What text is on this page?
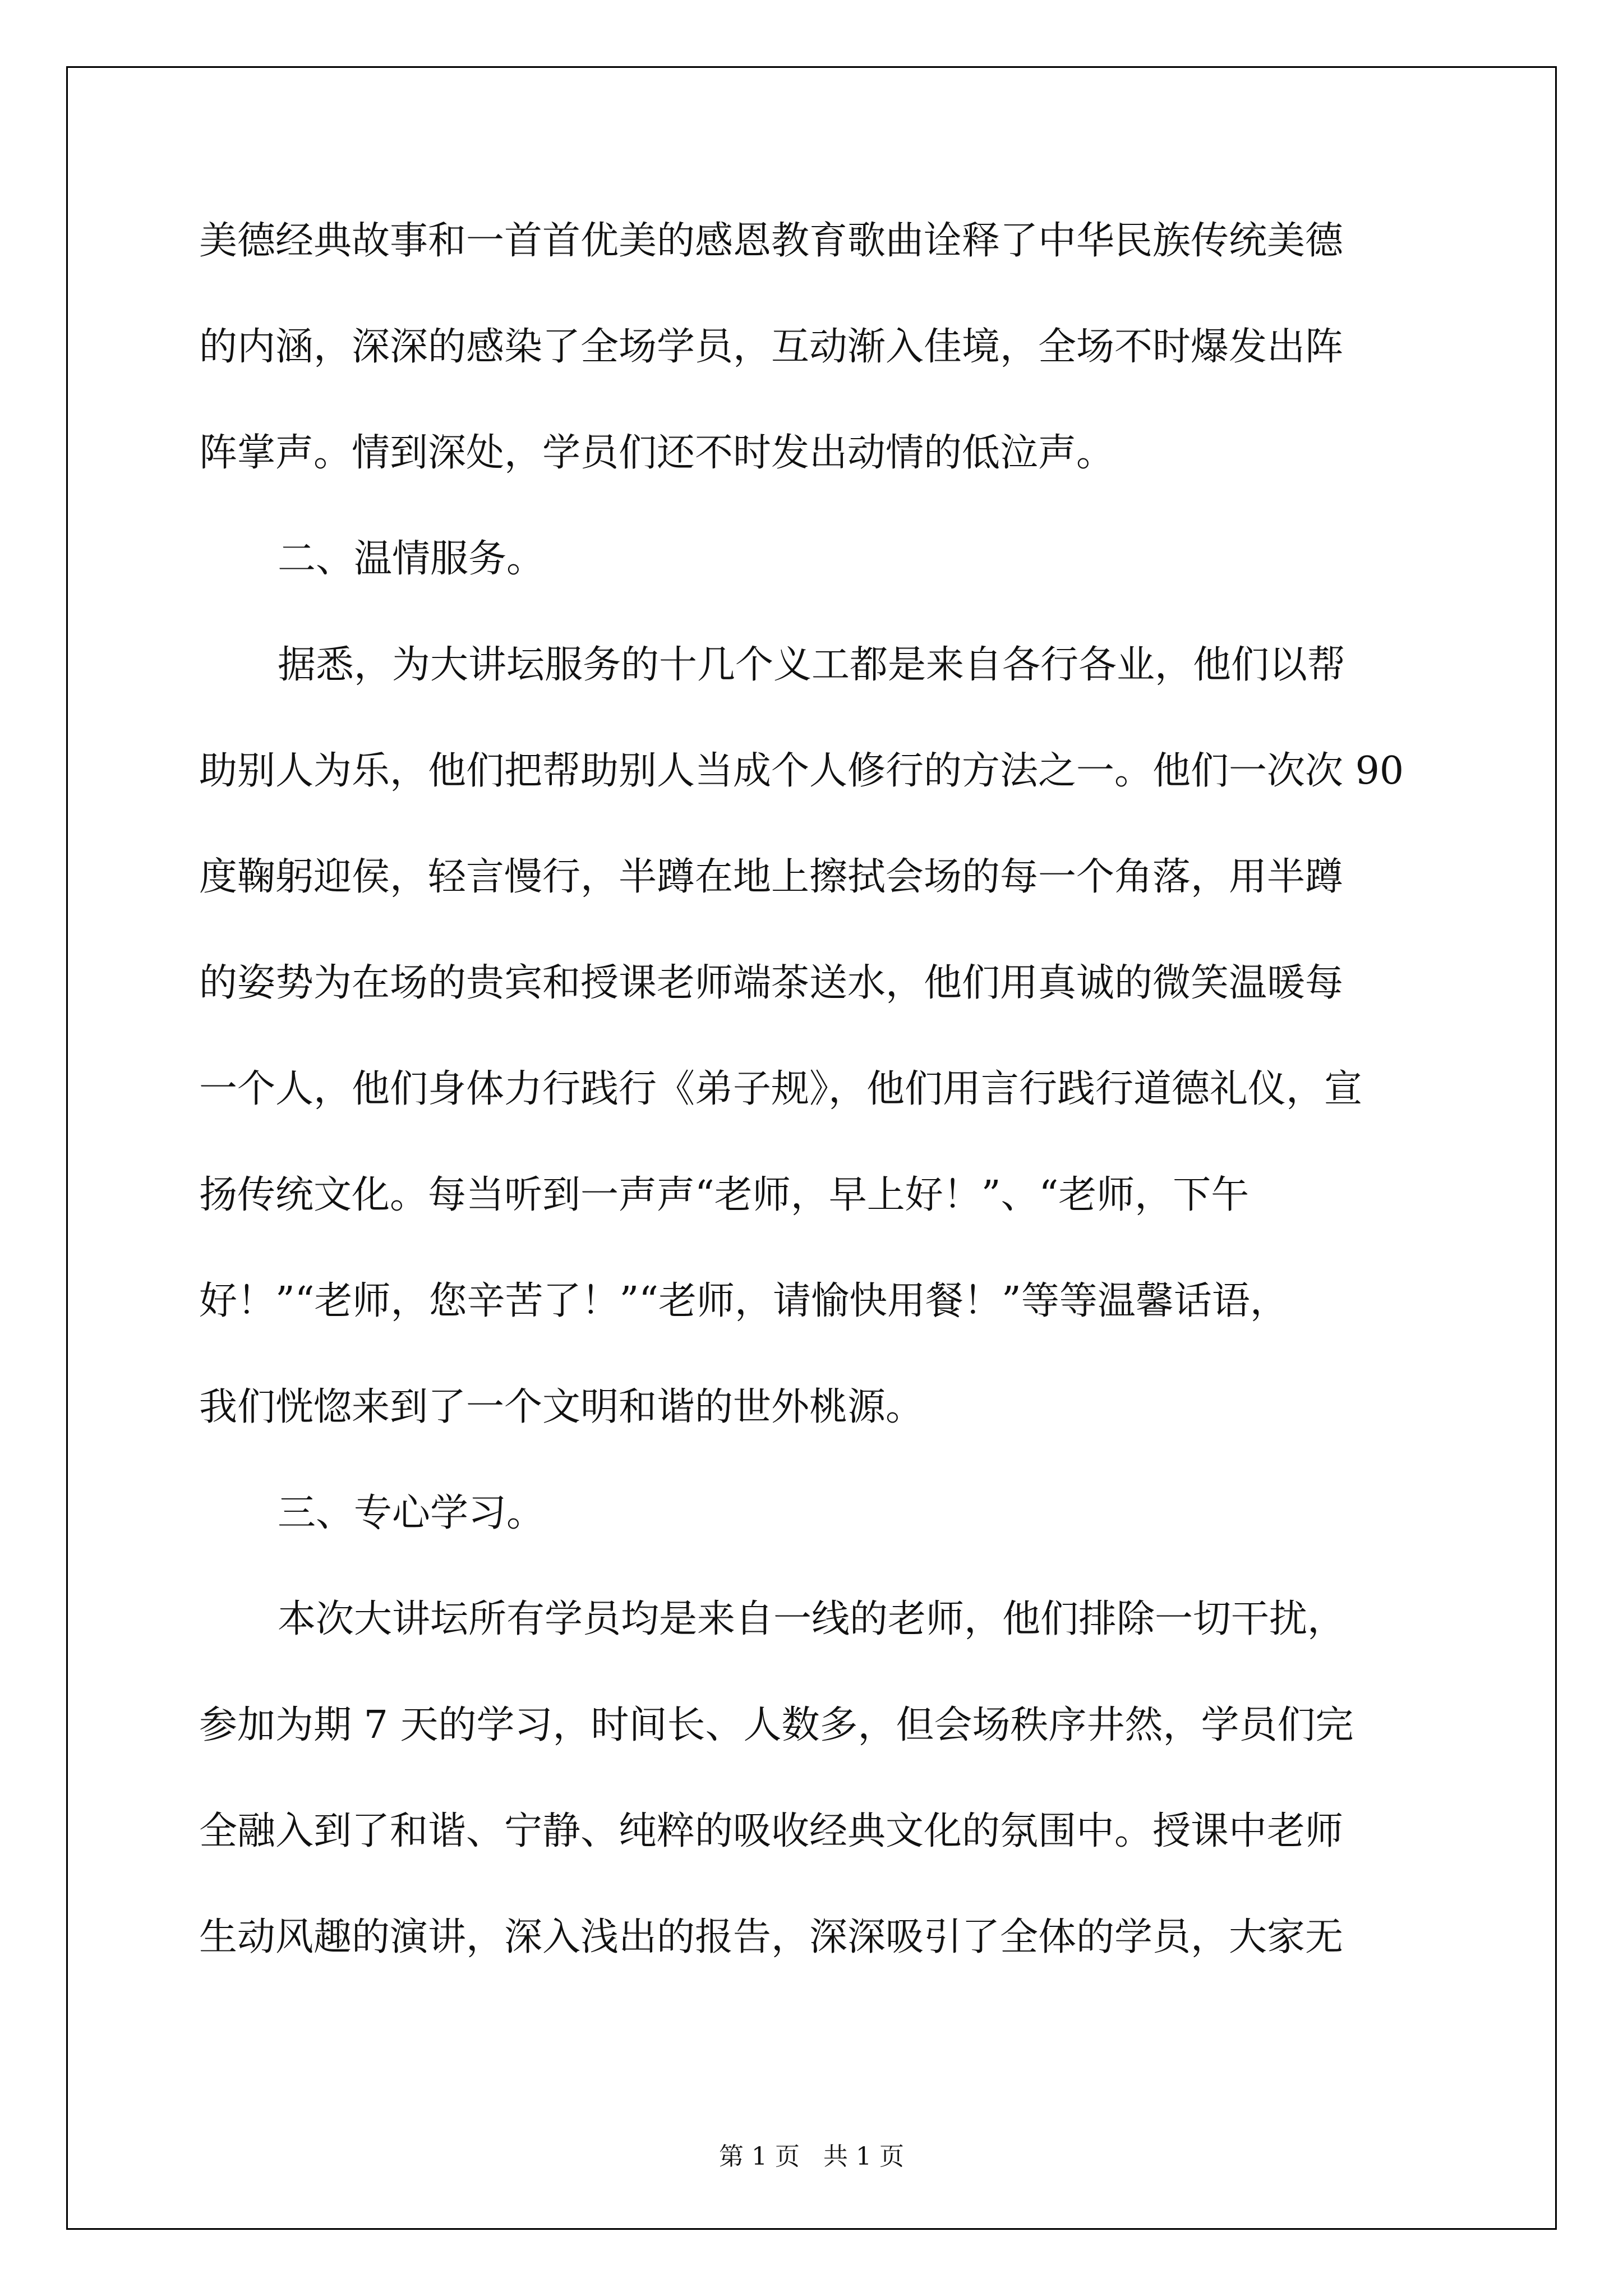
美德经典故事和一首首优美的感恩教育歌曲诠释了中华民族传统美德
的内涵，深深的感染了全场学员，互动渐入佳境，全场不时爆发出阵
阵掌声。情到深处，学员们还不时发出动情的低泣声。
二、温情服务。
据悉，为大讲坛服务的十几个义工都是来自各行各业，他们以帮
助别人为乐，他们把帮助别人当成个人修行的方法之一。他们一次次 90
度鞠躬迎侯，轻言慢行，半蹲在地上擦拭会场的每一个角落，用半蹲
的姿势为在场的贵宾和授课老师端茶送水，他们用真诚的微笑温暖每
一个人，他们身体力行践行《弟子规》，他们用言行践行道德礼仪，宣
扬传统文化。每当听到一声声“老师，早上好！”、“老师，下午
好！”“老师，您辛苦了！”“老师，请愉快用餐！”等等温馨话语，
我们恍惚来到了一个文明和谐的世外桃源。
三、专心学习。
本次大讲坛所有学员均是来自一线的老师，他们排除一切干扰，
参加为期 7 天的学习，时间长、人数多，但会场秩序井然，学员们完
全融入到了和谐、宁静、纯粹的吸收经典文化的氛围中。授课中老师
生动风趣的演讲，深入浅出的报告，深深吸引了全体的学员，大家无
第 1 页   共 1 页
